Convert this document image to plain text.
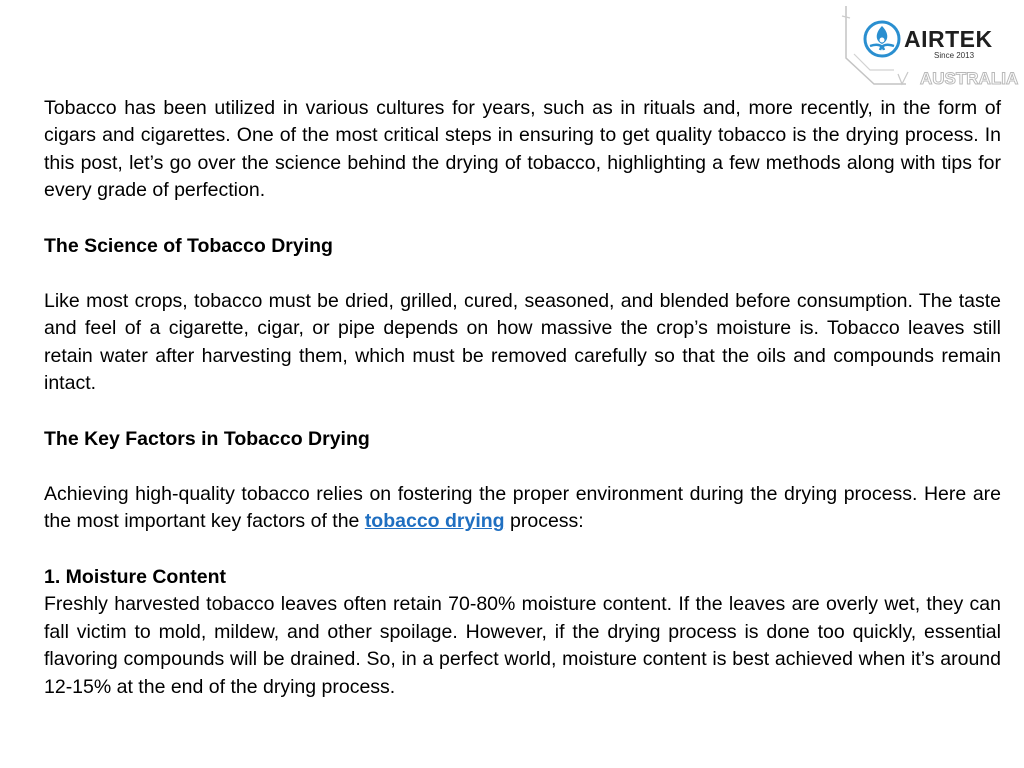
AIRTEK
Since 2013
AUSTRALIA

Tobacco has been utilized in various cultures for years, such as in rituals and, more recently, in the form of cigars and cigarettes. One of the most critical steps in ensuring to get quality tobacco is the drying process. In this post, let’s go over the science behind the drying of tobacco, highlighting a few methods along with tips for every grade of perfection.

The Science of Tobacco Drying

Like most crops, tobacco must be dried, grilled, cured, seasoned, and blended before consumption. The taste and feel of a cigarette, cigar, or pipe depends on how massive the crop’s moisture is. Tobacco leaves still retain water after harvesting them, which must be removed carefully so that the oils and compounds remain intact.

The Key Factors in Tobacco Drying

Achieving high-quality tobacco relies on fostering the proper environment during the drying process. Here are the most important key factors of the tobacco drying process:

1. Moisture Content

Freshly harvested tobacco leaves often retain 70-80% moisture content. If the leaves are overly wet, they can fall victim to mold, mildew, and other spoilage. However, if the drying process is done too quickly, essential flavoring compounds will be drained. So, in a perfect world, moisture content is best achieved when it’s around 12-15% at the end of the drying process.
